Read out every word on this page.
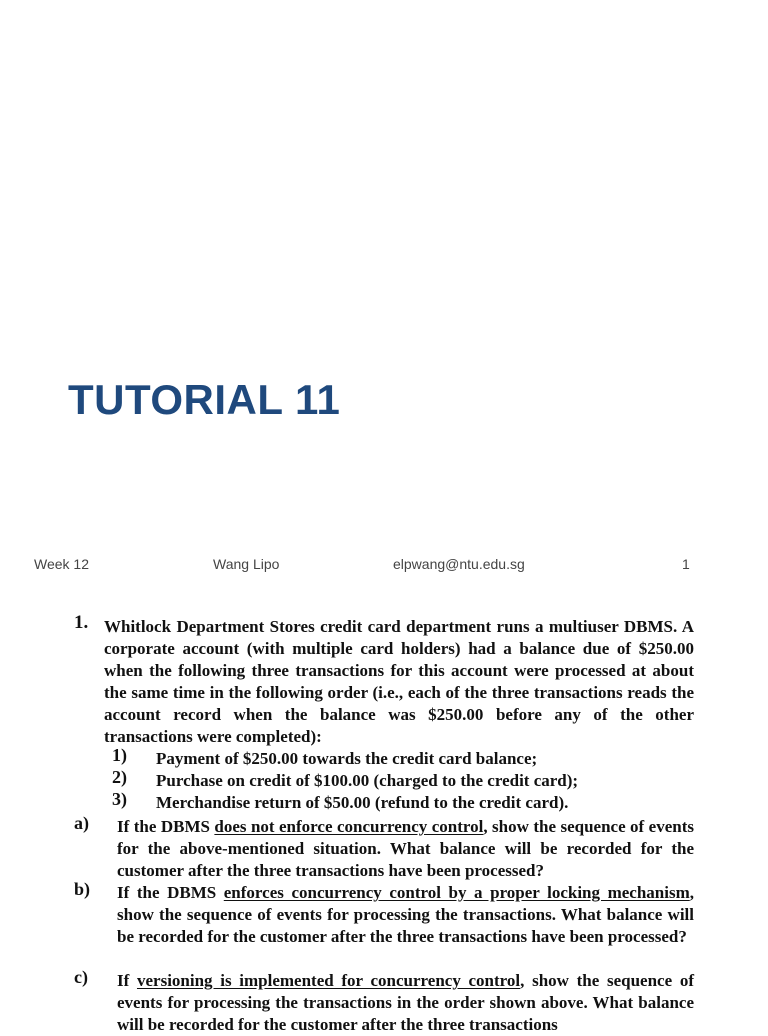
TUTORIAL 11
Week 12	Wang Lipo	elpwang@ntu.edu.sg	1
1. Whitlock Department Stores credit card department runs a multiuser DBMS. A corporate account (with multiple card holders) had a balance due of $250.00 when the following three transactions for this account were processed at about the same time in the following order (i.e., each of the three transactions reads the account record when the balance was $250.00 before any of the other transactions were completed):

1) Payment of $250.00 towards the credit card balance;
2) Purchase on credit of $100.00 (charged to the credit card);
3) Merchandise return of $50.00 (refund to the credit card).
a) If the DBMS does not enforce concurrency control, show the sequence of events for the above-mentioned situation. What balance will be recorded for the customer after the three transactions have been processed?

b) If the DBMS enforces concurrency control by a proper locking mechanism, show the sequence of events for processing the transactions. What balance will be recorded for the customer after the three transactions have been processed?

c) If versioning is implemented for concurrency control, show the sequence of events for processing the transactions in the order shown above. What balance will be recorded for the customer after the three transactions
